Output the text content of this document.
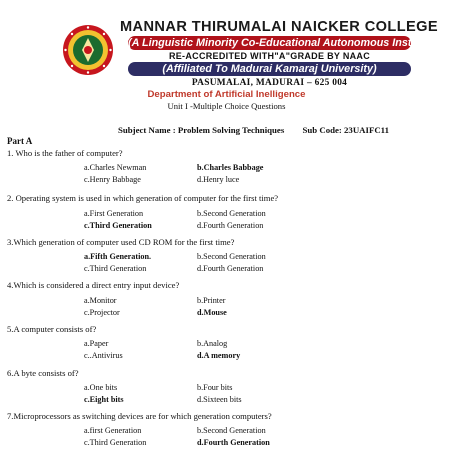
MANNAR THIRUMALAI NAICKER COLLEGE
(A Linguistic Minority Co-Educational Autonomous Institution)
RE-ACCREDITED WITH"A"GRADE BY NAAC
(Affiliated To Madurai Kamaraj University)
PASUMALAI, MADURAI – 625 004
Department of Artificial Inelligence
Unit I -Multiple Choice Questions
Subject Name : Problem Solving Techniques Sub Code: 23UAIFC11
Part A
1. Who is the father of computer?
a.Charles Newman	b.Charles Babbage
c.Henry Babbage	d.Henry luce
2. Operating system is used in which generation of computer for the first time?
a.First Generation	b.Second Generation
c.Third Generation	d.Fourth Generation
3.Which generation of computer used CD ROM for the first time?
a.Fifth Generation.	b.Second Generation
c.Third Generation	d.Fourth Generation
4.Which is considered a direct entry input device?
a.Monitor	b.Printer
c.Projector	d.Mouse
5.A computer consists of?
a.Paper	b.Analog
c..Antivirus	d.A memory
6.A byte consists of?
a.One bits	b.Four bits
c.Eight bits	d.Sixteen bits
7.Microprocessors as switching devices are for which generation computers?
a.first Generation	b.Second Generation
c.Third Generation	d.Fourth Generation
